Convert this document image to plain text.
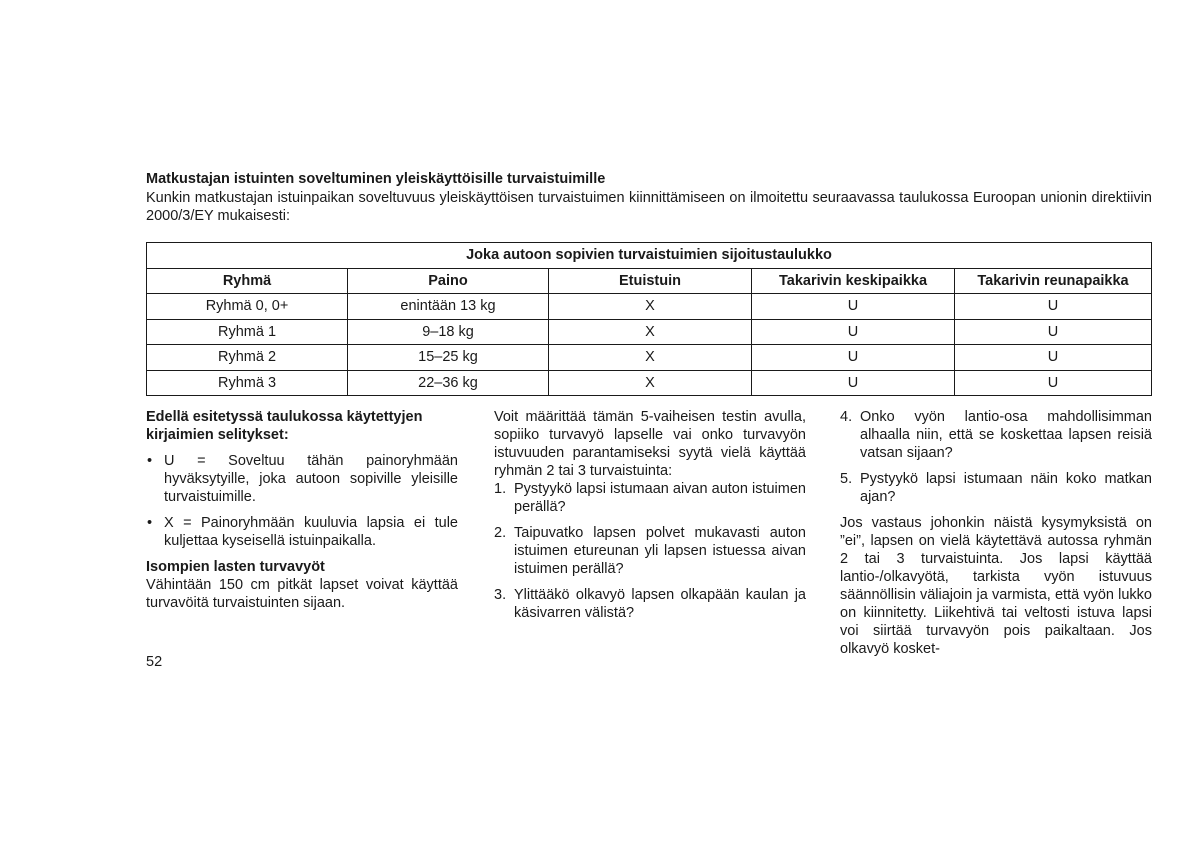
Matkustajan istuinten soveltuminen yleiskäyttöisille turvaistuimille
Kunkin matkustajan istuinpaikan soveltuvuus yleiskäyttöisen turvaistuimen kiinnittämiseen on ilmoitettu seuraavassa taulukossa Euroopan unionin direktiivin 2000/3/EY mukaisesti:
Joka autoon sopivien turvaistuimien sijoitustaulukko				
Ryhmä	Paino	Etuistuin	Takarivin keskipaikka	Takarivin reunapaikka
Ryhmä 0, 0+	enintään 13 kg	X	U	U
Ryhmä 1	9–18 kg	X	U	U
Ryhmä 2	15–25 kg	X	U	U
Ryhmä 3	22–36 kg	X	U	U
Edellä esitetyssä taulukossa käytettyjen kirjaimien selitykset:
• U = Soveltuu tähän painoryhmään hyväksytyille, joka autoon sopiville yleisille turvaistuimille.
• X = Painoryhmään kuuluvia lapsia ei tule kuljettaa kyseisellä istuinpaikalla.
Isompien lasten turvavyöt
Vähintään 150 cm pitkät lapset voivat käyttää turvavöitä turvaistuinten sijaan.
Voit määrittää tämän 5-vaiheisen testin avulla, sopiiko turvavyö lapselle vai onko turvavyön istuvuuden parantamiseksi syytä vielä käyttää ryhmän 2 tai 3 turvaistuinta:
1. Pystyykö lapsi istumaan aivan auton istuimen perällä?
2. Taipuvatko lapsen polvet mukavasti auton istuimen etureunan yli lapsen istuessa aivan istuimen perällä?
3. Ylittääkö olkavyö lapsen olkapään kaulan ja käsivarren välistä?
4. Onko vyön lantio-osa mahdollisimman alhaalla niin, että se koskettaa lapsen reisiä vatsan sijaan?
5. Pystyykö lapsi istumaan näin koko matkan ajan?
Jos vastaus johonkin näistä kysymyksistä on ”ei”, lapsen on vielä käytettävä autossa ryhmän 2 tai 3 turvaistuinta. Jos lapsi käyttää lantio-/olkavyötä, tarkista vyön istuvuus säännöllisin väliajoin ja varmista, että vyön lukko on kiinnitetty. Liikehtivä tai veltosti istuva lapsi voi siirtää turvavyön pois paikaltaan. Jos olkavyö kosket-
52
